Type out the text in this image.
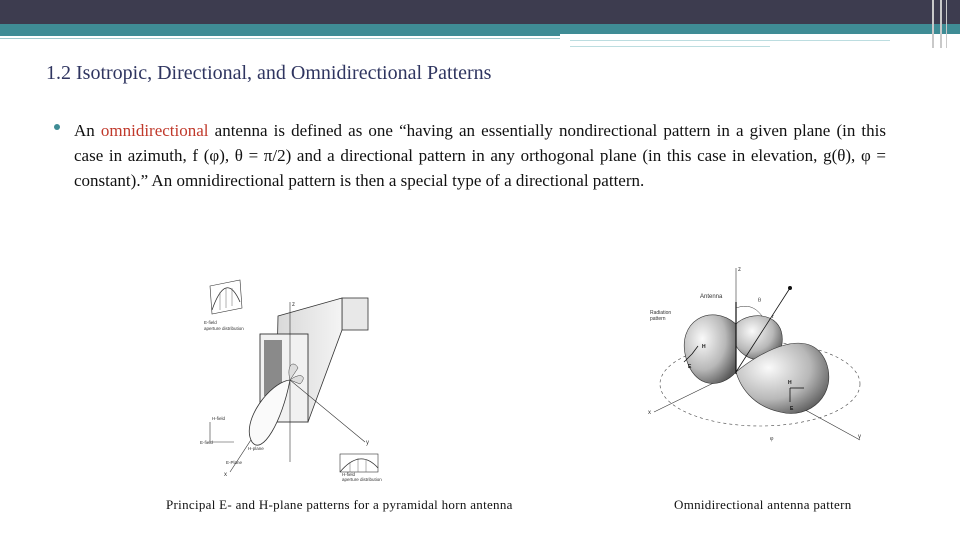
1.2 Isotropic, Directional, and Omnidirectional Patterns
An omnidirectional antenna is defined as one “having an essentially nondirectional pattern in a given plane (in this case in azimuth, f (φ), θ = π/2) and a directional pattern in any orthogonal plane (in this case in elevation, g(θ), φ = constant).” An omnidirectional pattern is then a special type of a directional pattern.
z
y
x
E-field
aperture distribution
H-field
E-field
E-Plane
H-plane
H-field
aperture distribution
z
Antenna
Radiation
pattern	r
θ
φ
x
y
H
E
H
E
Principal E- and H-plane patterns for a pyramidal horn antenna	Omnidirectional antenna pattern
